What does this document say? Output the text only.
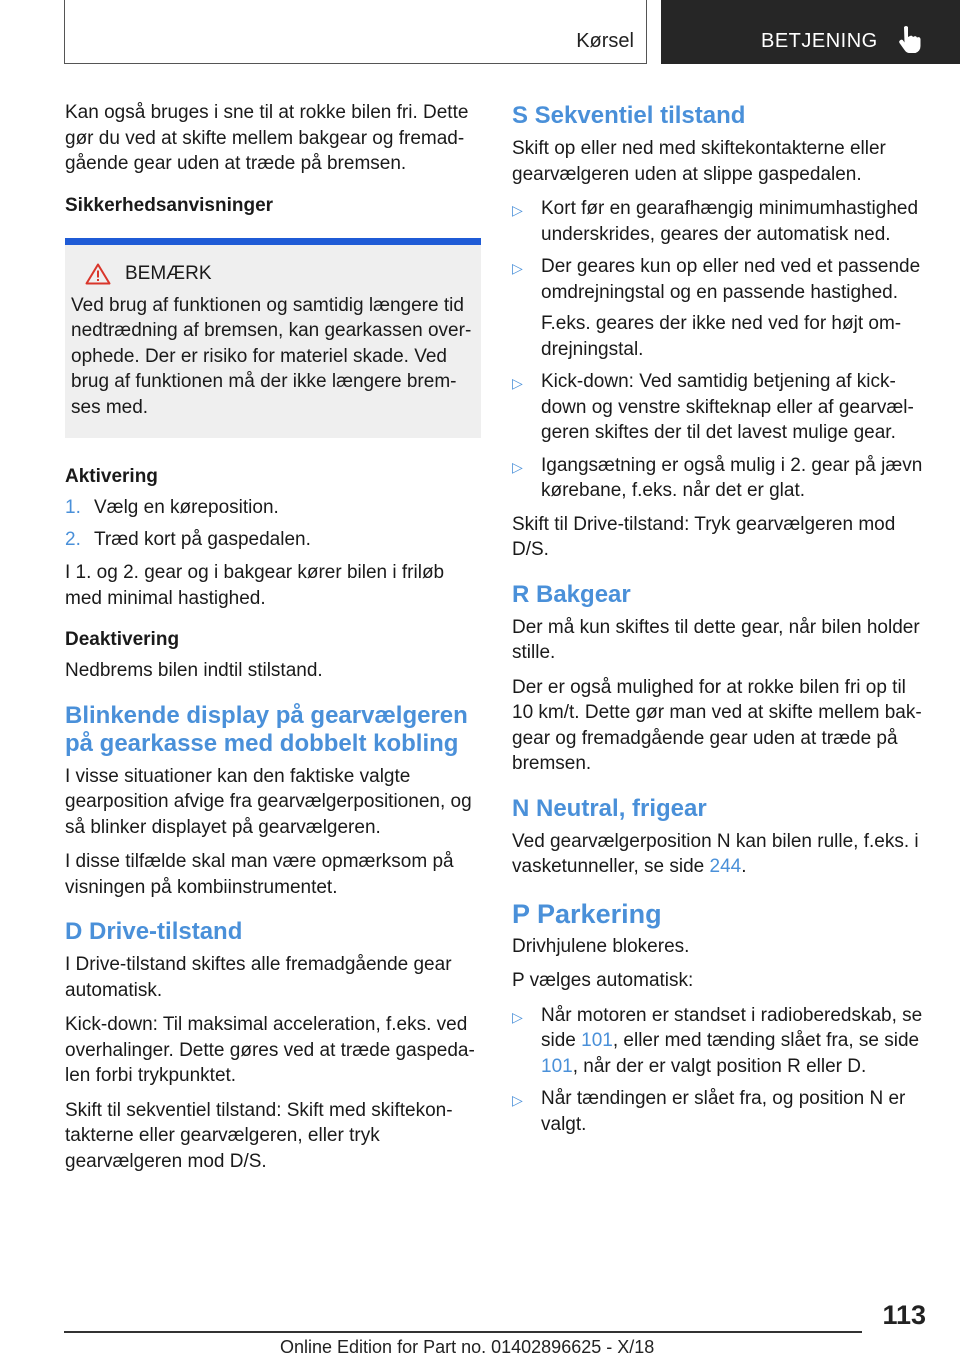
Kørsel	BETJENING

Kan også bruges i sne til at rokke bilen fri. Dette gør du ved at skifte mellem bakgear og fremadgående gear uden at træde på bremsen.

Sikkerhedsanvisninger
BEMÆRK

Ved brug af funktionen og samtidig længere tid nedtrædning af bremsen, kan gearkassen overophede. Der er risiko for materiel skade. Ved brug af funktionen må der ikke længere bremses med.

Aktivering
1. Vælg en køreposition.
2. Træd kort på gaspedalen.

I 1. og 2. gear og i bakgear kører bilen i friløb med minimal hastighed.

Deaktivering

Nedbrems bilen indtil stilstand.

Blinkende display på gearvælgeren på gearkasse med dobbelt kobling

I visse situationer kan den faktiske valgte gearposition afvige fra gearvælgerpositionen, og så blinker displayet på gearvælgeren.

I disse tilfælde skal man være opmærksom på visningen på kombiinstrumentet.

D Drive-tilstand

I Drive-tilstand skiftes alle fremadgående gear automatisk.

Kick-down: Til maksimal acceleration, f.eks. ved overhalinger. Dette gøres ved at træde gaspedalen forbi trykpunktet.

Skift til sekventiel tilstand: Skift med skiftekontakterne eller gearvælgeren, eller tryk gearvælgeren mod D/S.

S Sekventiel tilstand

Skift op eller ned med skiftekontakterne eller gearvælgeren uden at slippe gaspedalen.

▷ Kort før en gearafhængig minimumhastighed underskrides, geares der automatisk ned.

▷ Der geares kun op eller ned ved et passende omdrejningstal og en passende hastighed.

F.eks. geares der ikke ned ved for højt omdrejningstal.

▷ Kick-down: Ved samtidig betjening af kick-down og venstre skifteknap eller af gearvælgeren skiftes der til det lavest mulige gear.

▷ Igangsætning er også mulig i 2. gear på jævn kørebane, f.eks. når det er glat.

Skift til Drive-tilstand: Tryk gearvælgeren mod D/S.

R Bakgear

Der må kun skiftes til dette gear, når bilen holder stille.

Der er også mulighed for at rokke bilen fri op til 10 km/t. Dette gør man ved at skifte mellem bakgear og fremadgående gear uden at træde på bremsen.

N Neutral, frigear

Ved gearvælgerposition N kan bilen rulle, f.eks. i vasketunneller, se side 244.

P Parkering

Drivhjulene blokeres.

P vælges automatisk:

▷ Når motoren er standset i radioberedskab, se side 101, eller med tænding slået fra, se side 101, når der er valgt position R eller D.

▷ Når tændingen er slået fra, og position N er valgt.

113
Online Edition for Part no. 01402896625 - X/18
